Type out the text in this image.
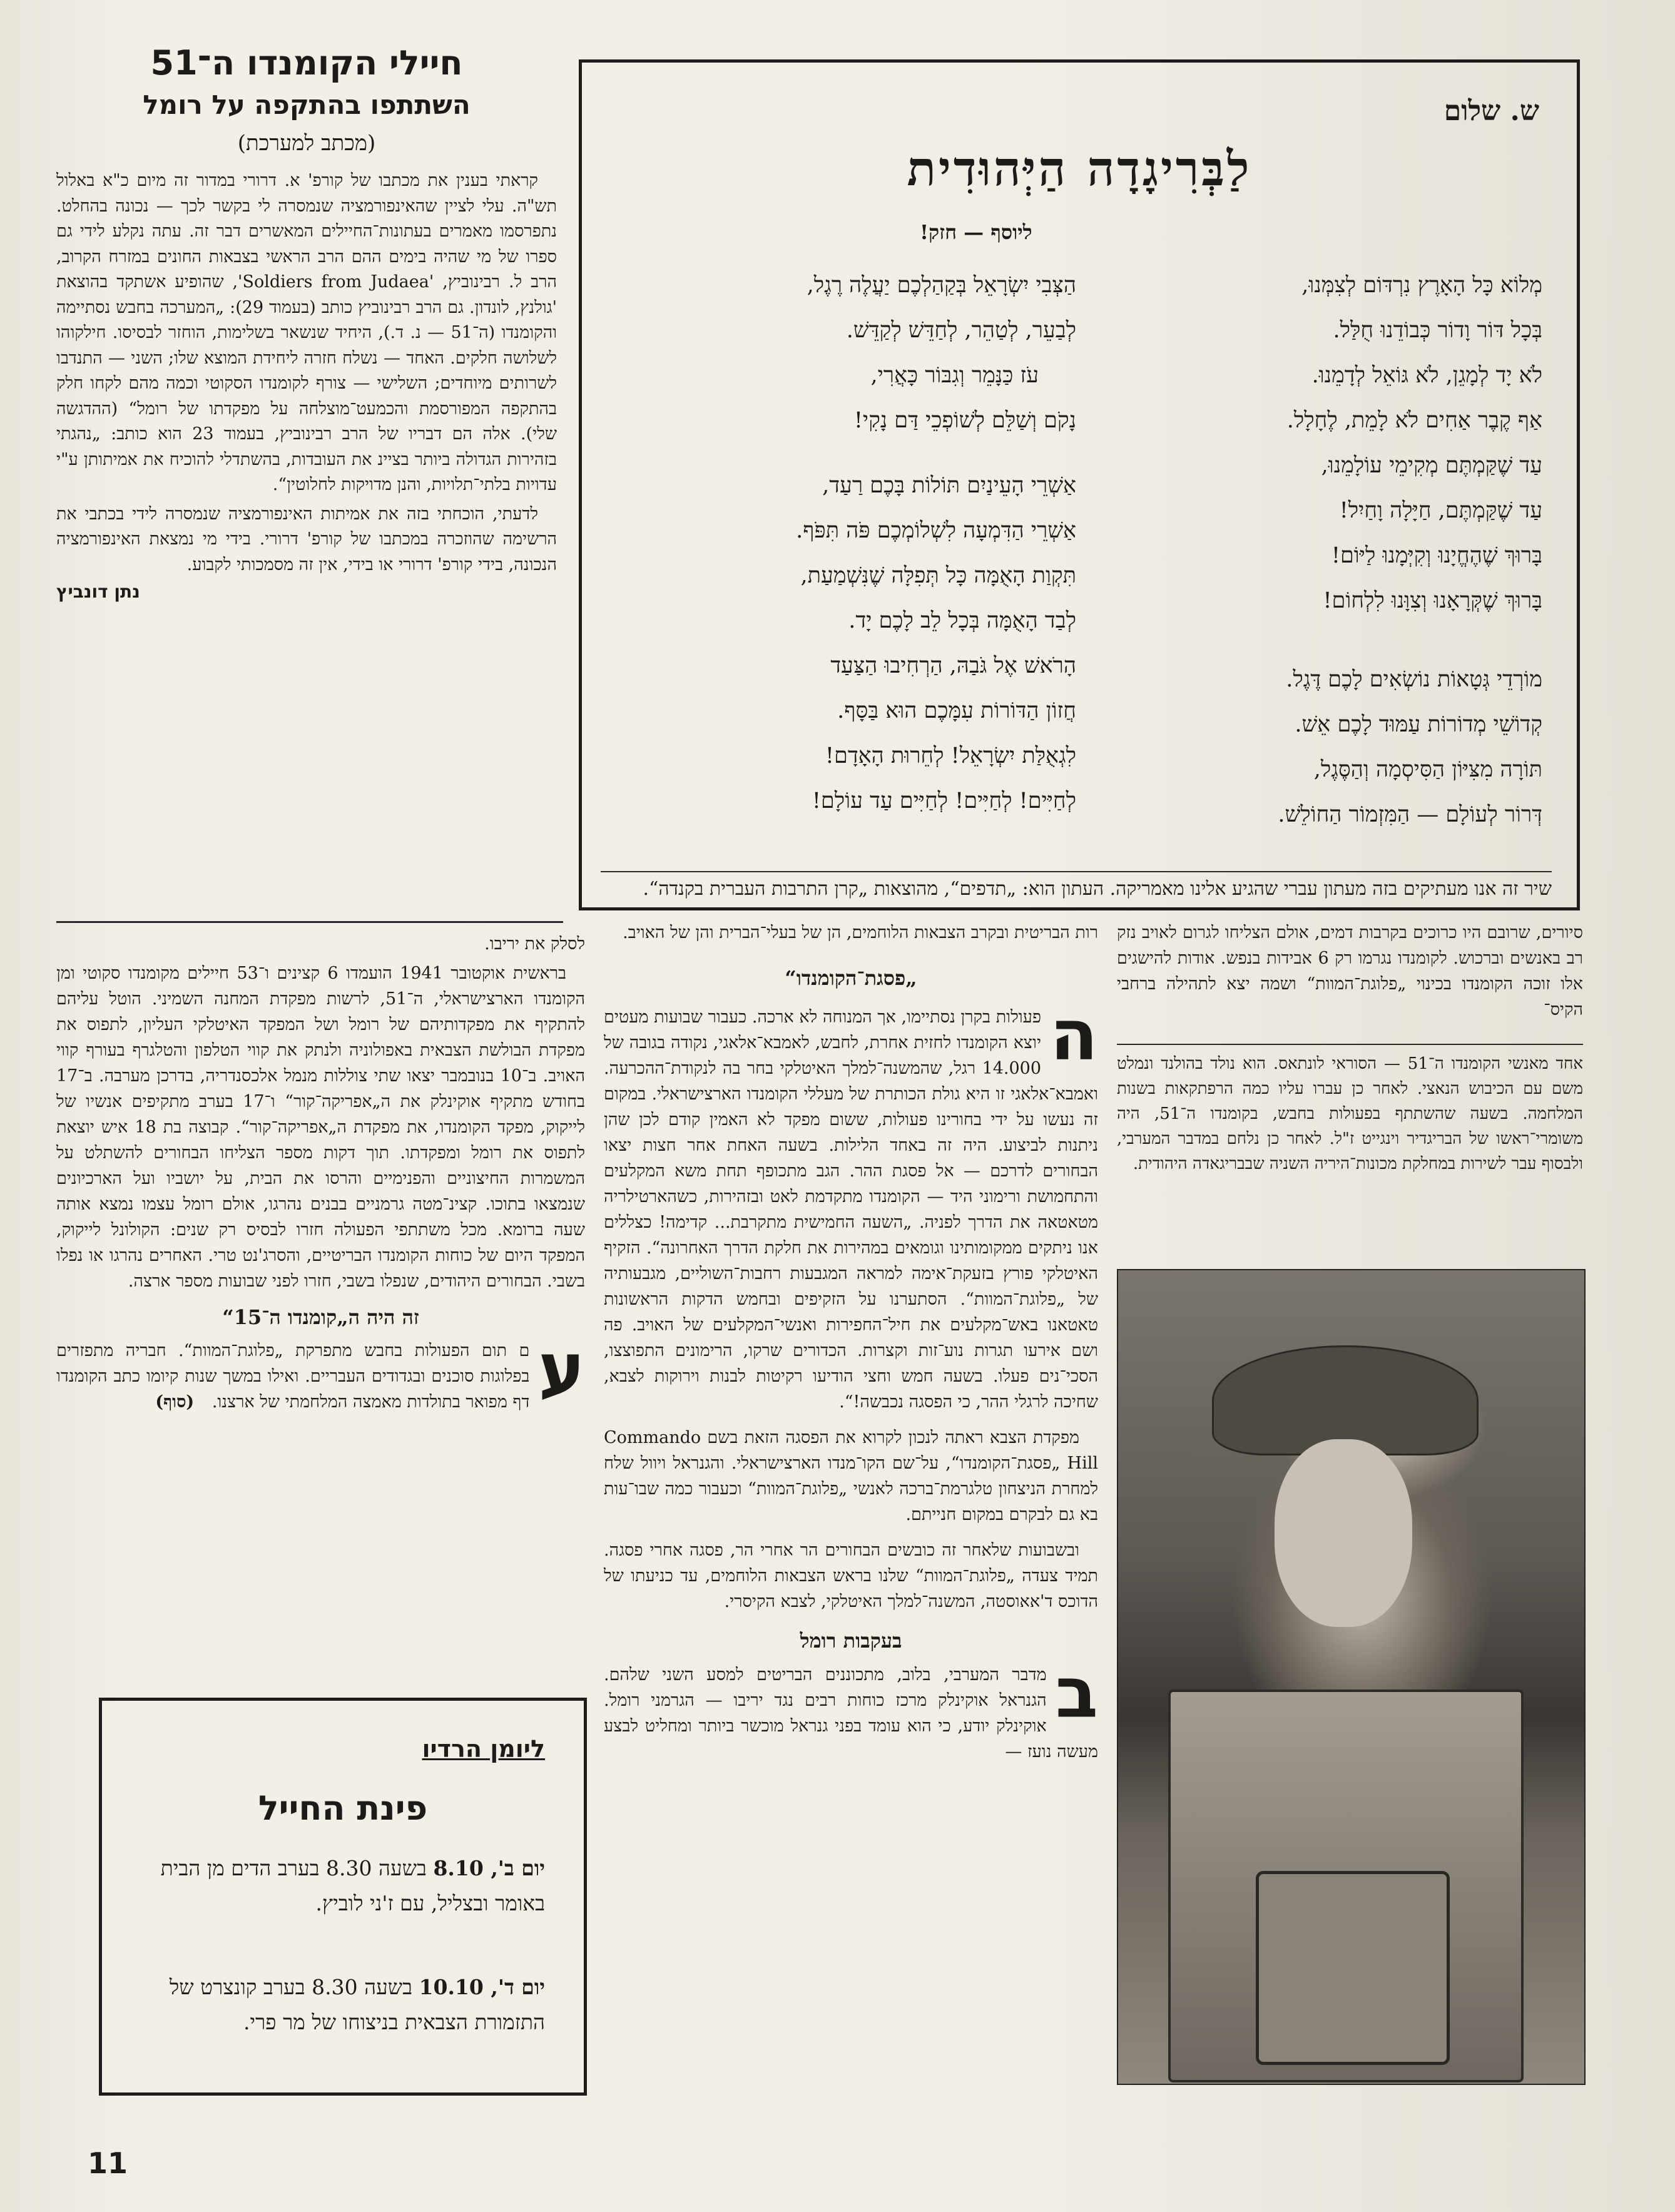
ש. שלום
לַבְּרִיגָדָה הַיְּהוּדִית
ליוסף — חזק!

מְלוֹא כָּל הָאָרֶץ נִרְדּוֹם לְצִמְּנוּ,

בְּכָל דּוֹר וָדוֹר כְּבוֹדֵנוּ חֻלַּל.

לֹא יָד לְמָגֵן, לֹא גּוֹאֵל לְדָמֵנוּ.

אַף קֶבֶר אַחִים לֹא לָמֵת, לֶחָלָל.

עַד שֶׁקַּמְתֶּם מְקִימֵי עוֹלָמֵנוּ,

עַד שֶׁקַּמְתֶּם, חַיָּלָה וָחַיִל!

בָּרוּךְ שֶׁהֶחֱיָנוּ וְקִיְּמָנוּ לַיּוֹם!

בָּרוּךְ שֶׁקְּרָאָנוּ וְצִוָּנוּ לִלְחוֹם!

מוֹרְדֵי גְּטָאוֹת נוֹשְׂאִים לָכֶם דֶּגֶל.

קְדוֹשֵׁי מְדוֹרוֹת עַמּוּד לָכֶם אֵשׁ.

תּוֹרָה מִצִּיּוֹן הַסִּיסְמָה וְהַסֶּגֶל,

דְּרוֹר לְעוֹלָם — הַמִּזְמוֹר הַחוֹלֵשׁ.

הַצְּבִי יִשְׂרָאֵל בְּקַהַלְכֶם יַעֲלֶה רֶגֶל,

לְבַעֵר, לְטַהֵר, לְחַדֵּשׁ לְקַדֵּשׁ.

עֹז כַּנָּמֵר וְגִבּוֹר כָּאֲרִי,

נָקֹם וְשַׁלֵּם לְשׁוֹפְכֵי דַּם נָקִי!

אַשְׁרֵי הָעֵינַיִם תּוֹלוֹת בָּכֶם רַעַד,

אַשְׁרֵי הַדִּמְעָה לִשְׁלוֹמְכֶם פֹּה תִּפֹּף.

תִּקְוַת הָאֻמָּה כָּל תְּפִלָּה שֶׁנִּשְׁמַעַת,

לְבַד הָאֻמָּה בְּכָל לֵב לָכֶם יָד.

הָרֹאשׁ אֶל גֹּבַהּ, הַרְחִיבוּ הַצַּעַד

חֲזוֹן הַדּוֹרוֹת עִמָּכֶם הוּא בַּסָּף.

לִגְאֻלַּת יִשְׂרָאֵל! לְחֵרוּת הָאָדָם!

לְחַיִּים! לְחַיִּים! לְחַיִּים עַד עוֹלָם!

שיר זה אנו מעתיקים בזה מעתון עברי שהגיע אלינו מאמריקה. העתון הוא: „תדפים“, מהוצאות „קרן התרבות העברית בקנדה“.
חיילי הקומנדו ה־51
השתתפו בהתקפה על רומל
(מכתב למערכת)

קראתי בענין את מכתבו של קורפ' א. דרורי במדור זה מיום כ"א באלול תש"ה. עלי לציין שהאינפורמציה שנמסרה לי בקשר לכך — נכונה בהחלט. נתפרסמו מאמרים בעתונות־החיילים המאשרים דבר זה. עתה נקלע לידי גם ספרו של מי שהיה בימים ההם הרב הראשי בצבאות החונים במזרח הקרוב, הרב ל. רבינוביץ, 'Soldiers from Judaea', שהופיע אשתקד בהוצאת 'גולנץ, לונדון. גם הרב רבינוביץ כותב (בעמוד 29): „המערכה בחבש נסתיימה והקומנדו (ה־51 — נ. ד.), היחיד שנשאר בשלימות, הוחזר לבסיסו. חילקוהו לשלושה חלקים. האחד — נשלח חזרה ליחידת המוצא שלו; השני — התנדבו לשרותים מיוחדים; השלישי — צורף לקומנדו הסקוטי וכמה מהם לקחו חלק בהתקפה המפורסמת והכמעט־מוצלחה על מפקדתו של רומל“ (ההדגשה שלי). אלה הם דבריו של הרב רבינוביץ, בעמוד 23 הוא כותב: „נהגתי בזהירות הגדולה ביותר בציינ את העובדות, בהשתדלי להוכיח את אמיתותן ע"י עדויות בלתי־תלויות, והנן מדויקות לחלוטין“.

לדעתי, הוכחתי בזה את אמיתות האינפורמציה שנמסרה לידי בכתבי את הרשימה שהוזכרה במכתבו של קורפ' דרורי. בידי מי נמצאת האינפורמציה הנכונה, בידי קורפ' דרורי או בידי, אין זה מסמכותי לקבוע.

נתן דונביץ

סיורים, שרובם היו כרוכים בקרבות דמים, אולם הצליחו לגרום לאויב נזק רב באנשים וברכוש. לקומנדו נגרמו רק 6 אבידות בנפש. אודות להישגים אלו זוכה הקומנדו בכינוי „פלוגת־המוות“ ושמה יצא לתהילה ברחבי הקיס־

אחד מאנשי הקומנדו ה־51 — הסוראי לונתאס. הוא נולד בהולנד ונמלט משם עם הכיבוש הנאצי. לאחר כן עברו עליו כמה הרפתקאות בשנות המלחמה. בשעה שהשתתף בפעולות בחבש, בקומנדו ה־51, היה משומרי־ראשו של הבריגדיר וינגייט ז"ל. לאחר כן נלחם במדבר המערבי, ולבסוף עבר לשירות במחלקת מכונות־היריה השניה שבבריגאדה היהודית.

רות הבריטית ובקרב הצבאות הלוחמים, הן של בעלי־הברית והן של האויב.

„פסגת־הקומנדו“

ה
פעולות בקרן נסתיימו, אך המנוחה לא ארכה. כעבור שבועות מעטים יוצא הקומנדו לחזית אחרת, לחבש, לאמבא־אלאגי, נקודה בגובה של 14.000 רגל, שהמשנה־למלך האיטלקי בחר בה לנקודת־ההכרעה. ואמבא־אלאגי זו היא גולת הכותרת של מעללי הקומנדו הארצישראלי. במקום זה נעשו על ידי בחורינו פעולות, ששום מפקד לא האמין קודם לכן שהן ניתנות לביצוע. היה זה באחד הלילות. בשעה האחת אחר חצות יצאו הבחורים לדרכם — אל פסגת ההר. הגב מתכופף תחת משא המקלעים והתחמושת ורימוני היד — הקומנדו מתקדמת לאט ובזהירות, כשהארטילריה מטאטאה את הדרך לפניה. „השעה החמישית מתקרבת... קדימה! כצללים אנו ניתקים ממקומותינו וגומאים במהירות את חלקת הדרך האחרונה“. הזקיף האיטלקי פורץ בזעקת־אימה למראה המגבעות רחבות־השוליים, מגבעותיה של „פלוגת־המוות“. הסתערנו על הזקיפים ובחמש הדקות הראשונות טאטאנו באש־מקלעים את חיל־החפירות ואנשי־המקלעים של האויב. פה ושם אירעו תגרות נוע־זות וקצרות. הכדורים שרקו, הרימונים התפוצצו, הסכי־נים פעלו. בשעה חמש וחצי הודיעו רקיטות לבנות וירוקות לצבא, שחיכה לרגלי ההר, כי הפסגה נכבשה!“.

מפקדת הצבא ראתה לנכון לקרוא את הפסגה הזאת בשם Commando Hill „פסגת־הקומנדו“, על־שם הקו־מנדו הארצישראלי. והגנראל ויוול שלח למחרת הניצחון טלגרמת־ברכה לאנשי „פלוגת־המוות“ וכעבור כמה שבו־עות בא גם לבקרם במקום חנייתם.

ובשבועות שלאחר זה כובשים הבחורים הר אחרי הר, פסגה אחרי פסגה. תמיד צעדה „פלוגת־המוות“ שלנו בראש הצבאות הלוחמים, עד כניעתו של הדוכס ד'אאוסטה, המשנה־למלך האיטלקי, לצבא הקיסרי.

בעקבות רומל

ב
מדבר המערבי, בלוב, מתכוננים הבריטים למסע השני שלהם. הגנראל אוקינלק מרכז כוחות רבים נגד יריבו — הגרמני רומל. אוקינלק יודע, כי הוא עומד בפני גנראל מוכשר ביותר ומחליט לבצע מעשה נועז —

לסלק את יריבו.

בראשית אוקטובר 1941 הועמדו 6 קצינים ו־53 חיילים מקומנדו סקוטי ומן הקומנדו הארצישראלי, ה־51, לרשות מפקדת המחנה השמיני. הוטל עליהם להתקיף את מפקדותיהם של רומל ושל המפקד האיטלקי העליון, לתפוס את מפקדת הבולשת הצבאית באפולוניה ולנתק את קווי הטלפון והטלגרף בעורף קווי האויב. ב־10 בנובמבר יצאו שתי צוללות מנמל אלכסנדריה, בדרכן מערבה. ב־17 בחודש מתקיף אוקינלק את ה„אפריקה־קור“ ו־17 בערב מתקיפים אנשיו של לייקוק, מפקד הקומנדו, את מפקדת ה„אפריקה־קור“. קבוצה בת 18 איש יוצאת לתפוס את רומל ומפקדתו. תוך דקות מספר הצליחו הבחורים להשתלט על המשמרות החיצוניים והפנימיים והרסו את הבית, על יושביו ועל הארכיונים שנמצאו בתוכו. קצינ־מטה גרמניים בבנים נהרגו, אולם רומל עצמו נמצא אותה שעה ברומא. מכל משתתפי הפעולה חזרו לבסיס רק שנים: הקולונל לייקוק, המפקד היום של כוחות הקומנדו הבריטיים, והסרג'נט טרי. האחרים נהרגו או נפלו בשבי. הבחורים היהודים, שנפלו בשבי, חזרו לפני שבועות מספר ארצה.

זה היה ה„קומנדו ה־15“

ע
ם תום הפעולות בחבש מתפרקת „פלוגת־המוות“. חבריה מתפזרים בפלוגות סוכנים ובגדודים העבריים. ואילו במשך שנות קיומו כתב הקומנדו דף מפואר בתולדות מאמצה המלחמתי של ארצנו. (סוף)

ליומן הרדיו
פינת החייל
יום ב', 8.10 בשעה 8.30 בערב הדים מן הבית באומר ובצליל, עם ז'ני לוביץ.
יום ד', 10.10 בשעה 8.30 בערב קונצרט של התזמורת הצבאית בניצוחו של מר פרי.
11
